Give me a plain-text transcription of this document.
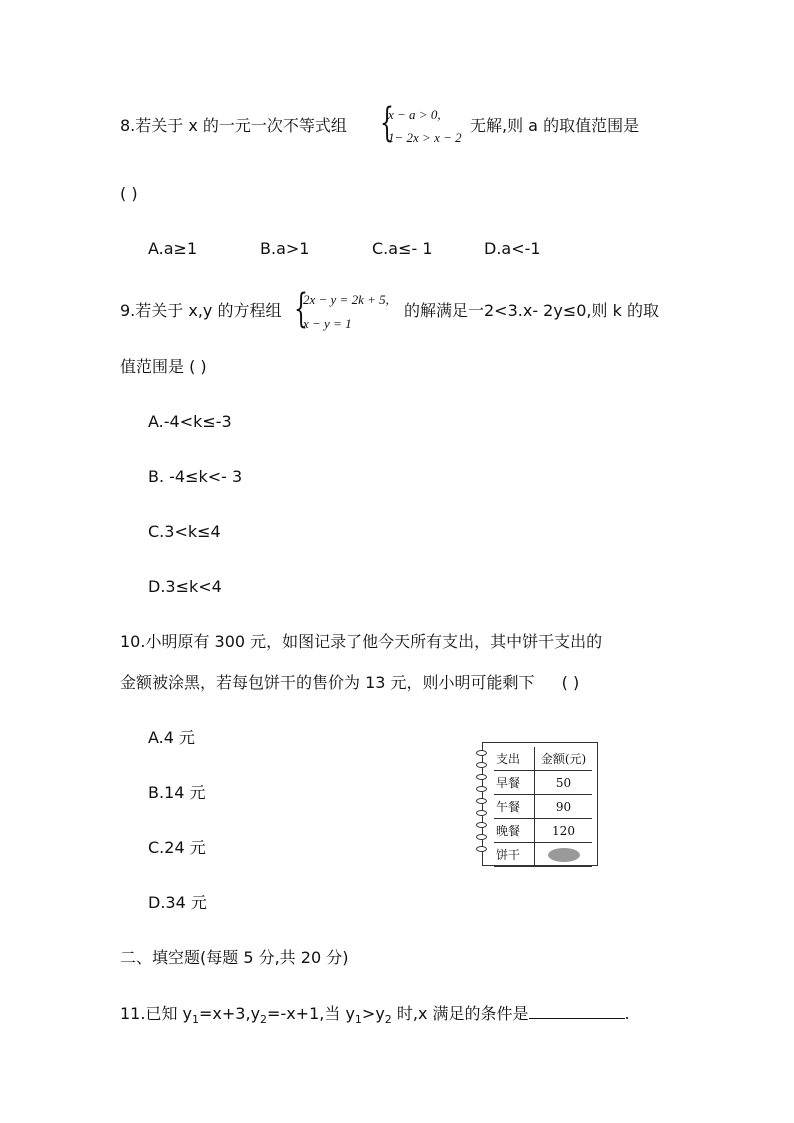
8.若关于 x 的一元一次不等式组 {
x − a > 0,
1− 2x > x − 2
无解,则 a 的取值范围是
( )
A.a≥1	B.a>1	C.a≤- 1	D.a<-1
9.若关于 x,y 的方程组 {
2x − y = 2k + 5,
x − y = 1
的解满足一2<3.x- 2y≤0,则 k 的取
值范围是 ( )
A.-4<k≤-3
B. -4≤k<- 3
C.3<k≤4
D.3≤k<4
10.小明原有 300 元，如图记录了他今天所有支出，其中饼干支出的
金额被涂黑，若每包饼干的售价为 13 元，则小明可能剩下 ( )
A.4 元
B.14 元
C.24 元
D.34 元
支出	金额(元)
早餐	50
午餐	90
晚餐	120
饼干	
二、填空题(每题 5 分,共 20 分)
11.已知 $y_1=x+3,y_2=-x+1$,当 $y_1>y_2$ 时,x 满足的条件是	.
